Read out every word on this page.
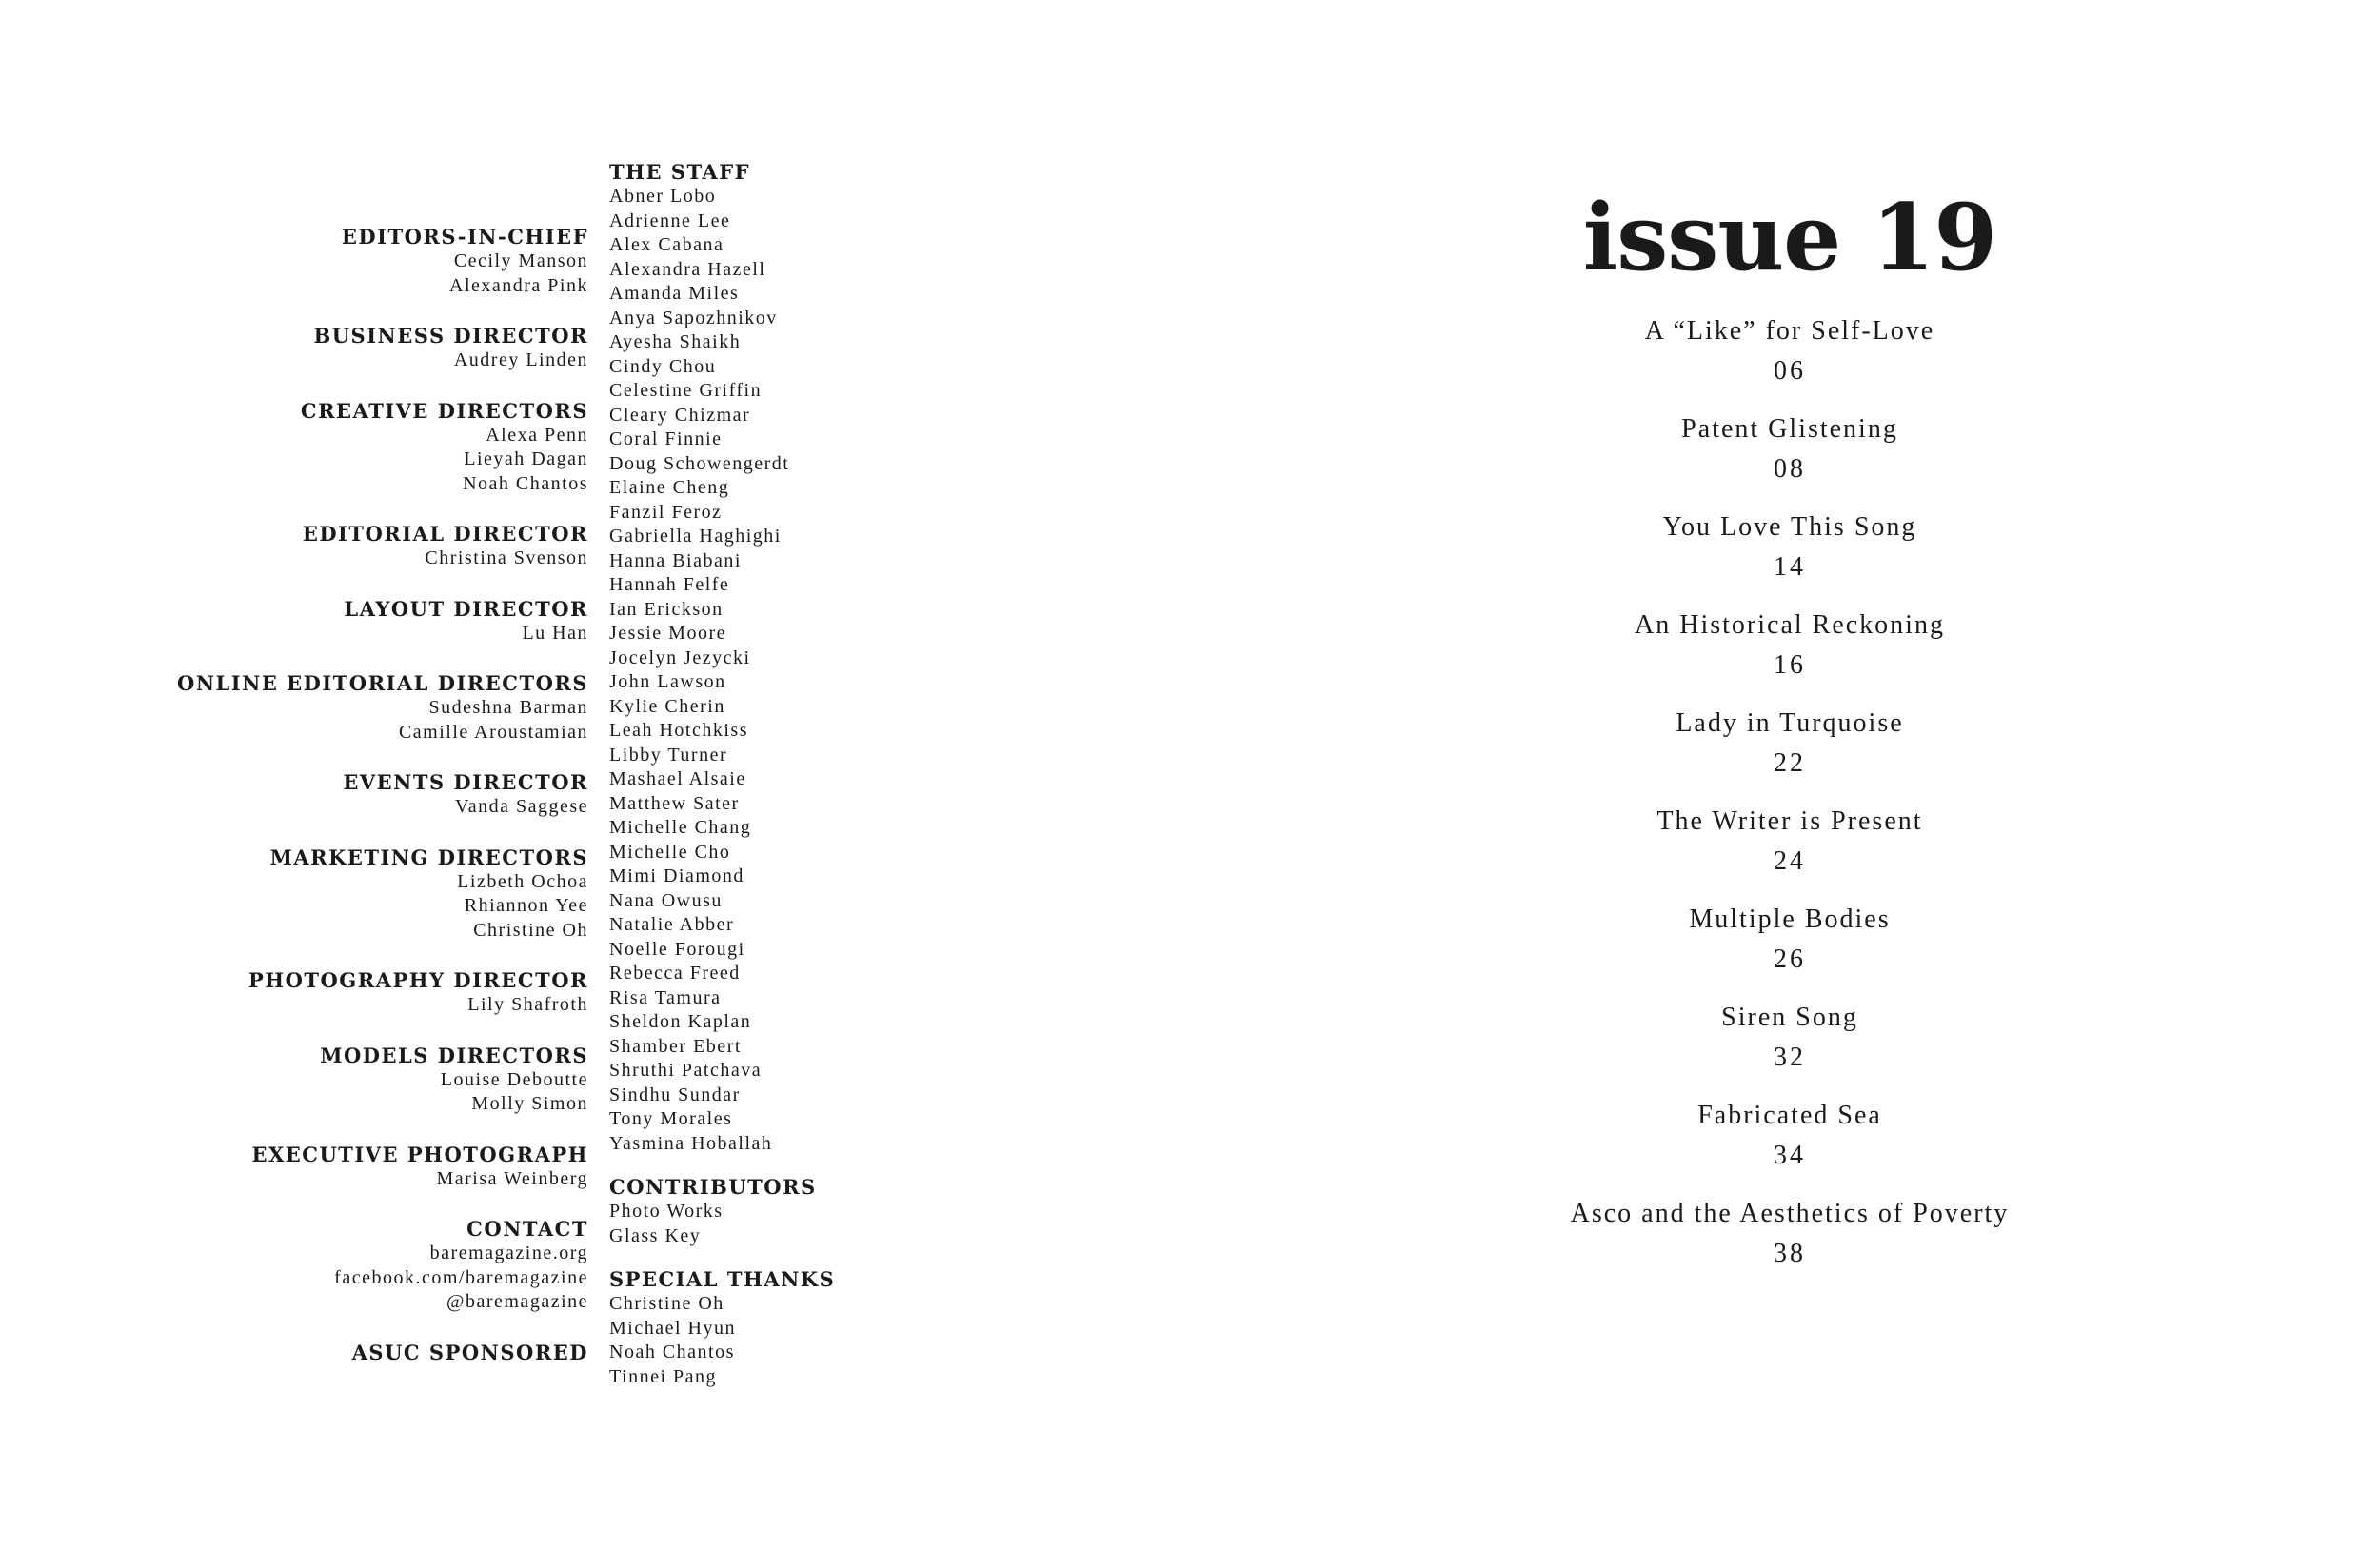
EDITORS-IN-CHIEF
Cecily Manson
Alexandra Pink
BUSINESS DIRECTOR
Audrey Linden
CREATIVE DIRECTORS
Alexa Penn
Lieyah Dagan
Noah Chantos
EDITORIAL DIRECTOR
Christina Svenson
LAYOUT DIRECTOR
Lu Han
ONLINE EDITORIAL DIRECTORS
Sudeshna Barman
Camille Aroustamian
EVENTS DIRECTOR
Vanda Saggese
MARKETING DIRECTORS
Lizbeth Ochoa
Rhiannon Yee
Christine Oh
PHOTOGRAPHY DIRECTOR
Lily Shafroth
MODELS DIRECTORS
Louise Deboutte
Molly Simon
EXECUTIVE PHOTOGRAPH
Marisa Weinberg
CONTACT
baremagazine.org
facebook.com/baremagazine
@baremagazine
ASUC SPONSORED
THE STAFF
Abner Lobo
Adrienne Lee
Alex Cabana
Alexandra Hazell
Amanda Miles
Anya Sapozhnikov
Ayesha Shaikh
Cindy Chou
Celestine Griffin
Cleary Chizmar
Coral Finnie
Doug Schowengerdt
Elaine Cheng
Fanzil Feroz
Gabriella Haghighi
Hanna Biabani
Hannah Felfe
Ian Erickson
Jessie Moore
Jocelyn Jezycki
John Lawson
Kylie Cherin
Leah Hotchkiss
Libby Turner
Mashael Alsaie
Matthew Sater
Michelle Chang
Michelle Cho
Mimi Diamond
Nana Owusu
Natalie Abber
Noelle Forougi
Rebecca Freed
Risa Tamura
Sheldon Kaplan
Shamber Ebert
Shruthi Patchava
Sindhu Sundar
Tony Morales
Yasmina Hoballah
CONTRIBUTORS
Photo Works
Glass Key
SPECIAL THANKS
Christine Oh
Michael Hyun
Noah Chantos
Tinnei Pang
issue 19
A “Like” for Self-Love
06
Patent Glistening
08
You Love This Song
14
An Historical Reckoning
16
Lady in Turquoise
22
The Writer is Present
24
Multiple Bodies
26
Siren Song
32
Fabricated Sea
34
Asco and the Aesthetics of Poverty
38
